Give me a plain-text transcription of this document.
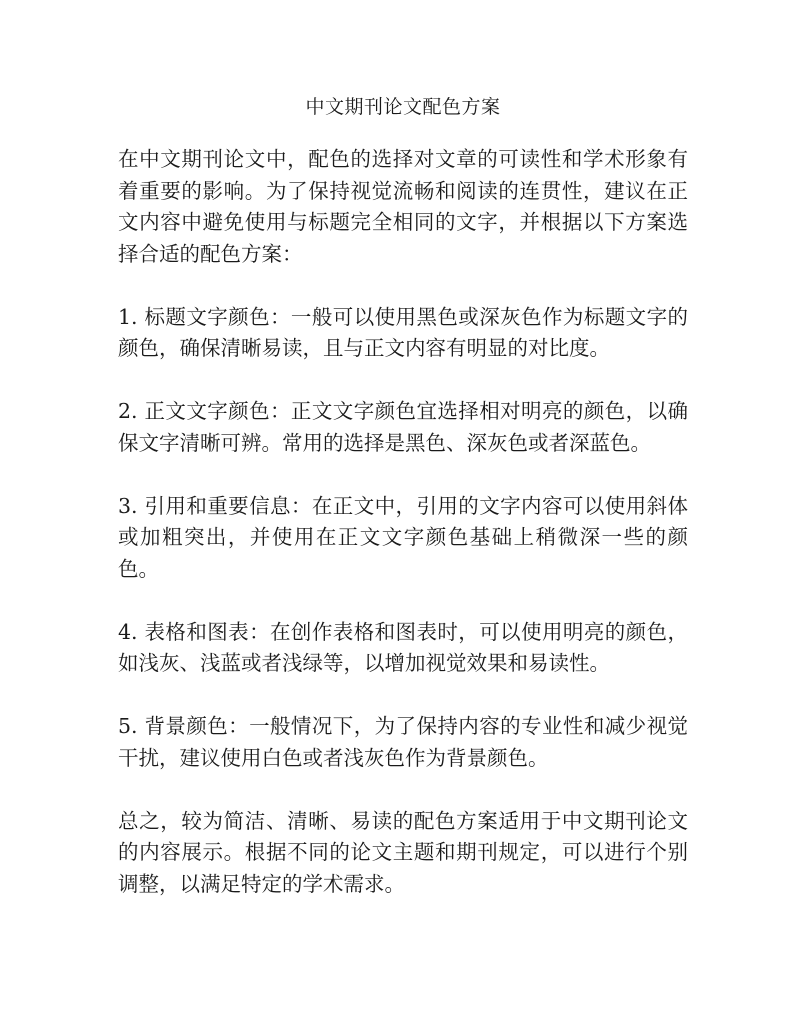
中文期刊论文配色方案

在中文期刊论文中，配色的选择对文章的可读性和学术形象有着重要的影响。为了保持视觉流畅和阅读的连贯性，建议在正文内容中避免使用与标题完全相同的文字，并根据以下方案选择合适的配色方案：

1. 标题文字颜色：一般可以使用黑色或深灰色作为标题文字的颜色，确保清晰易读，且与正文内容有明显的对比度。

2. 正文文字颜色：正文文字颜色宜选择相对明亮的颜色，以确保文字清晰可辨。常用的选择是黑色、深灰色或者深蓝色。

3. 引用和重要信息：在正文中，引用的文字内容可以使用斜体或加粗突出，并使用在正文文字颜色基础上稍微深一些的颜色。

4. 表格和图表：在创作表格和图表时，可以使用明亮的颜色，如浅灰、浅蓝或者浅绿等，以增加视觉效果和易读性。

5. 背景颜色：一般情况下，为了保持内容的专业性和减少视觉干扰，建议使用白色或者浅灰色作为背景颜色。

总之，较为简洁、清晰、易读的配色方案适用于中文期刊论文的内容展示。根据不同的论文主题和期刊规定，可以进行个别调整，以满足特定的学术需求。
